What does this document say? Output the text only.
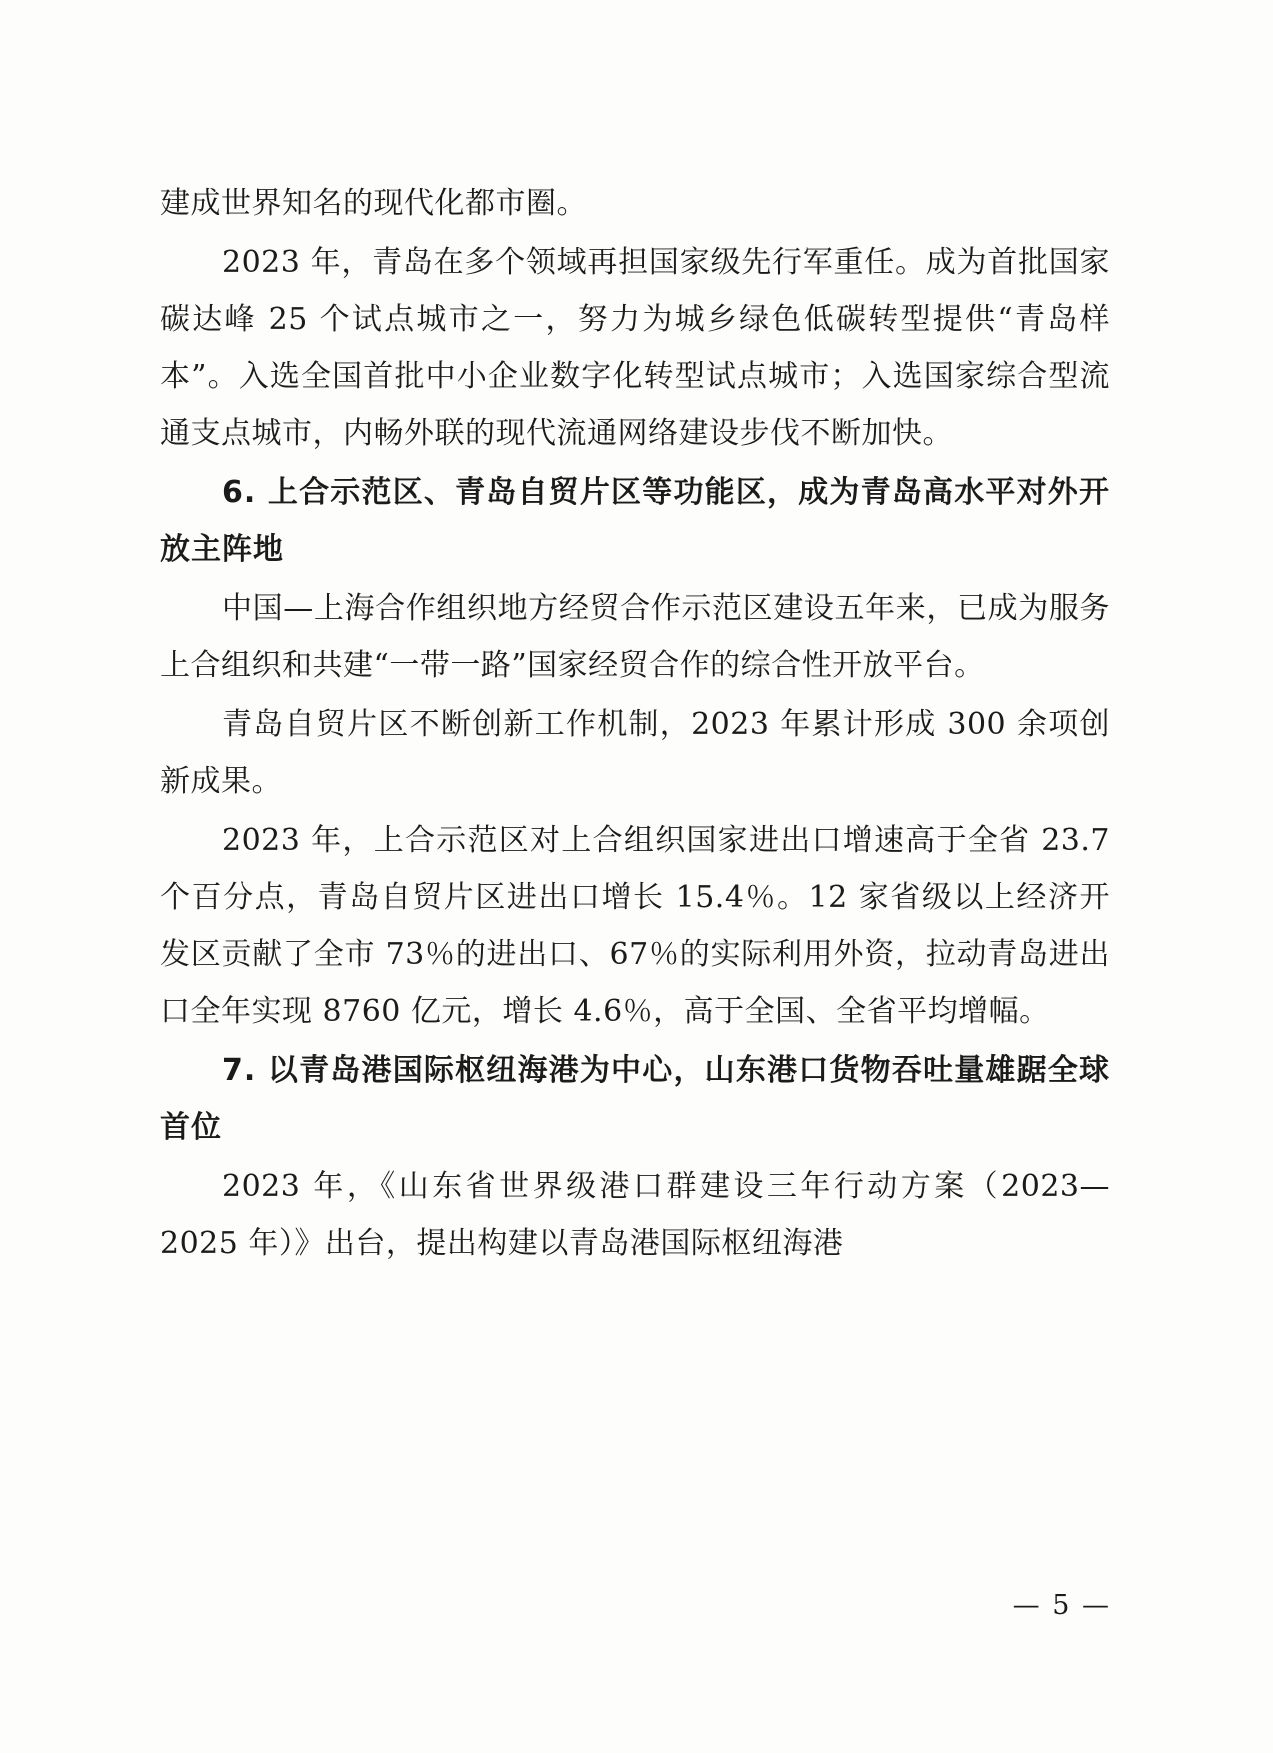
建成世界知名的现代化都市圈。

2023 年，青岛在多个领域再担国家级先行军重任。成为首批国家碳达峰 25 个试点城市之一，努力为城乡绿色低碳转型提供“青岛样本”。入选全国首批中小企业数字化转型试点城市；入选国家综合型流通支点城市，内畅外联的现代流通网络建设步伐不断加快。

6. 上合示范区、青岛自贸片区等功能区，成为青岛高水平对外开放主阵地

中国—上海合作组织地方经贸合作示范区建设五年来，已成为服务上合组织和共建“一带一路”国家经贸合作的综合性开放平台。

青岛自贸片区不断创新工作机制，2023 年累计形成 300 余项创新成果。

2023 年，上合示范区对上合组织国家进出口增速高于全省 23.7 个百分点，青岛自贸片区进出口增长 15.4％。12 家省级以上经济开发区贡献了全市 73％的进出口、67％的实际利用外资，拉动青岛进出口全年实现 8760 亿元，增长 4.6％，高于全国、全省平均增幅。

7. 以青岛港国际枢纽海港为中心，山东港口货物吞吐量雄踞全球首位

2023 年，《山东省世界级港口群建设三年行动方案（2023—2025 年）》出台，提出构建以青岛港国际枢纽海港

— 5 —
